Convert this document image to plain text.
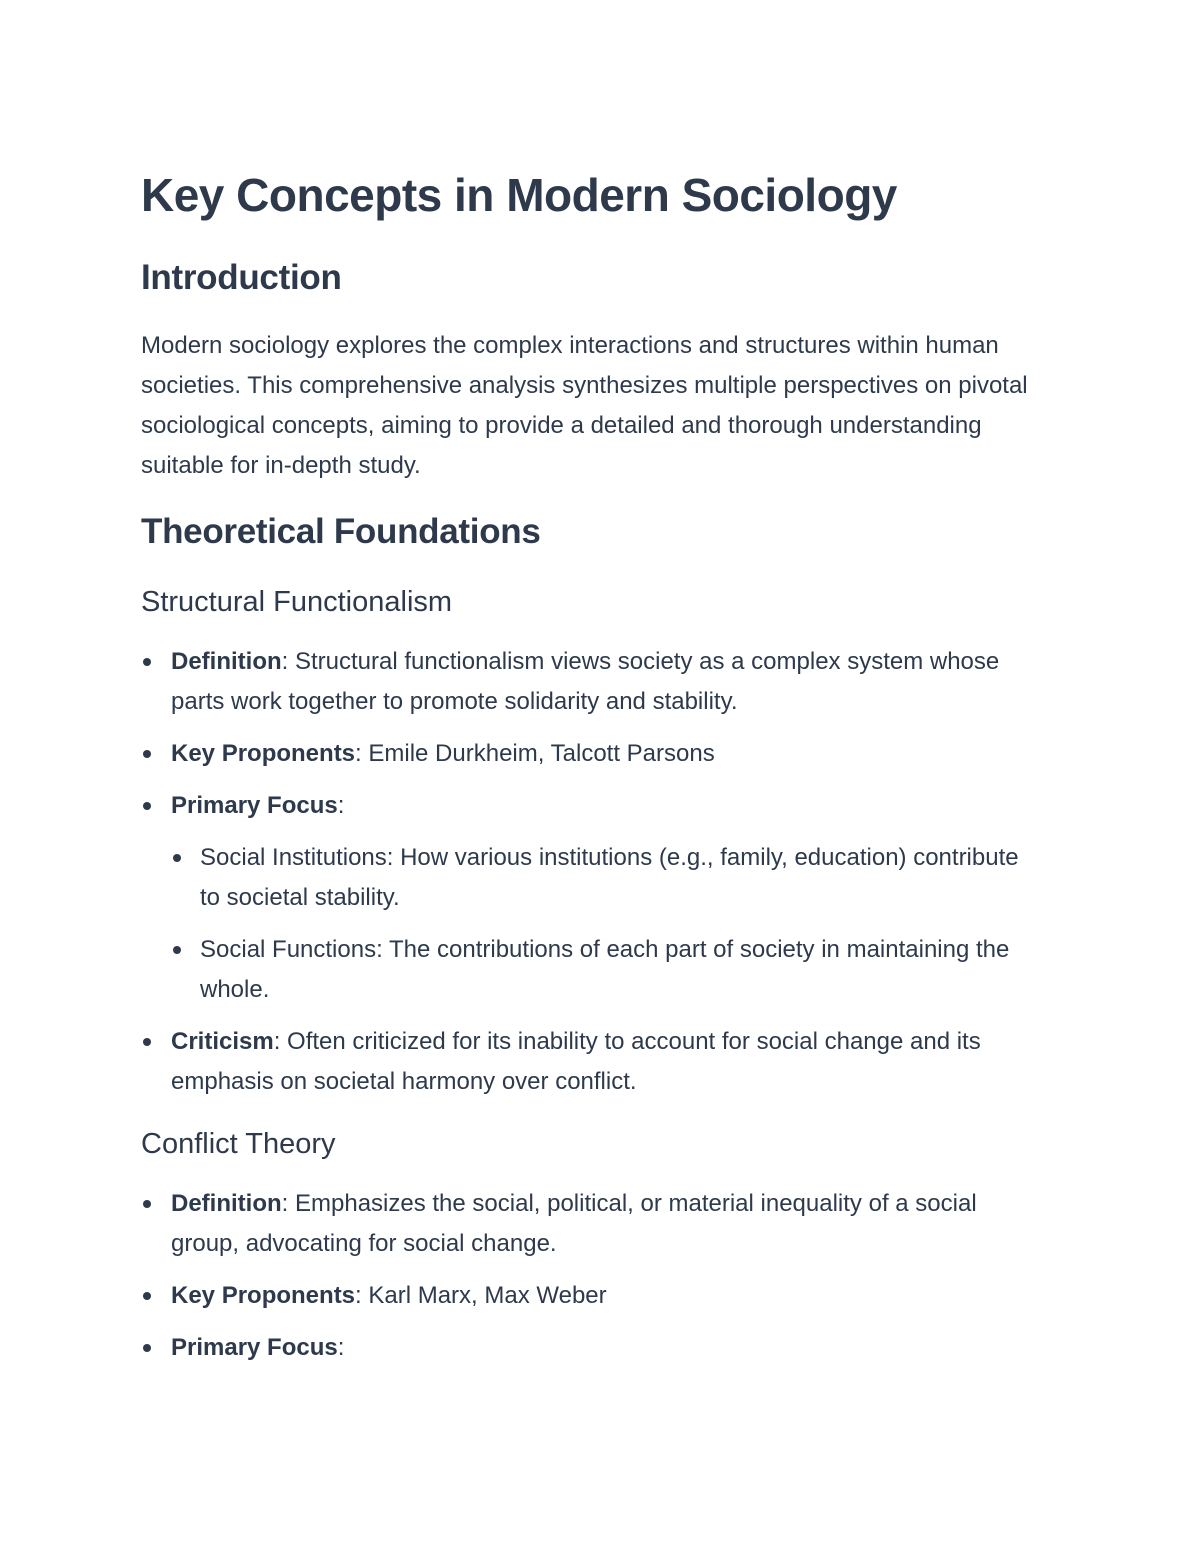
Key Concepts in Modern Sociology
Introduction

Modern sociology explores the complex interactions and structures within human societies. This comprehensive analysis synthesizes multiple perspectives on pivotal sociological concepts, aiming to provide a detailed and thorough understanding suitable for in-depth study.

Theoretical Foundations
Structural Functionalism
Definition: Structural functionalism views society as a complex system whose parts work together to promote solidarity and stability.
Key Proponents: Emile Durkheim, Talcott Parsons
Primary Focus:
Social Institutions: How various institutions (e.g., family, education) contribute to societal stability.
Social Functions: The contributions of each part of society in maintaining the whole.
Criticism: Often criticized for its inability to account for social change and its emphasis on societal harmony over conflict.
Conflict Theory
Definition: Emphasizes the social, political, or material inequality of a social group, advocating for social change.
Key Proponents: Karl Marx, Max Weber
Primary Focus:
